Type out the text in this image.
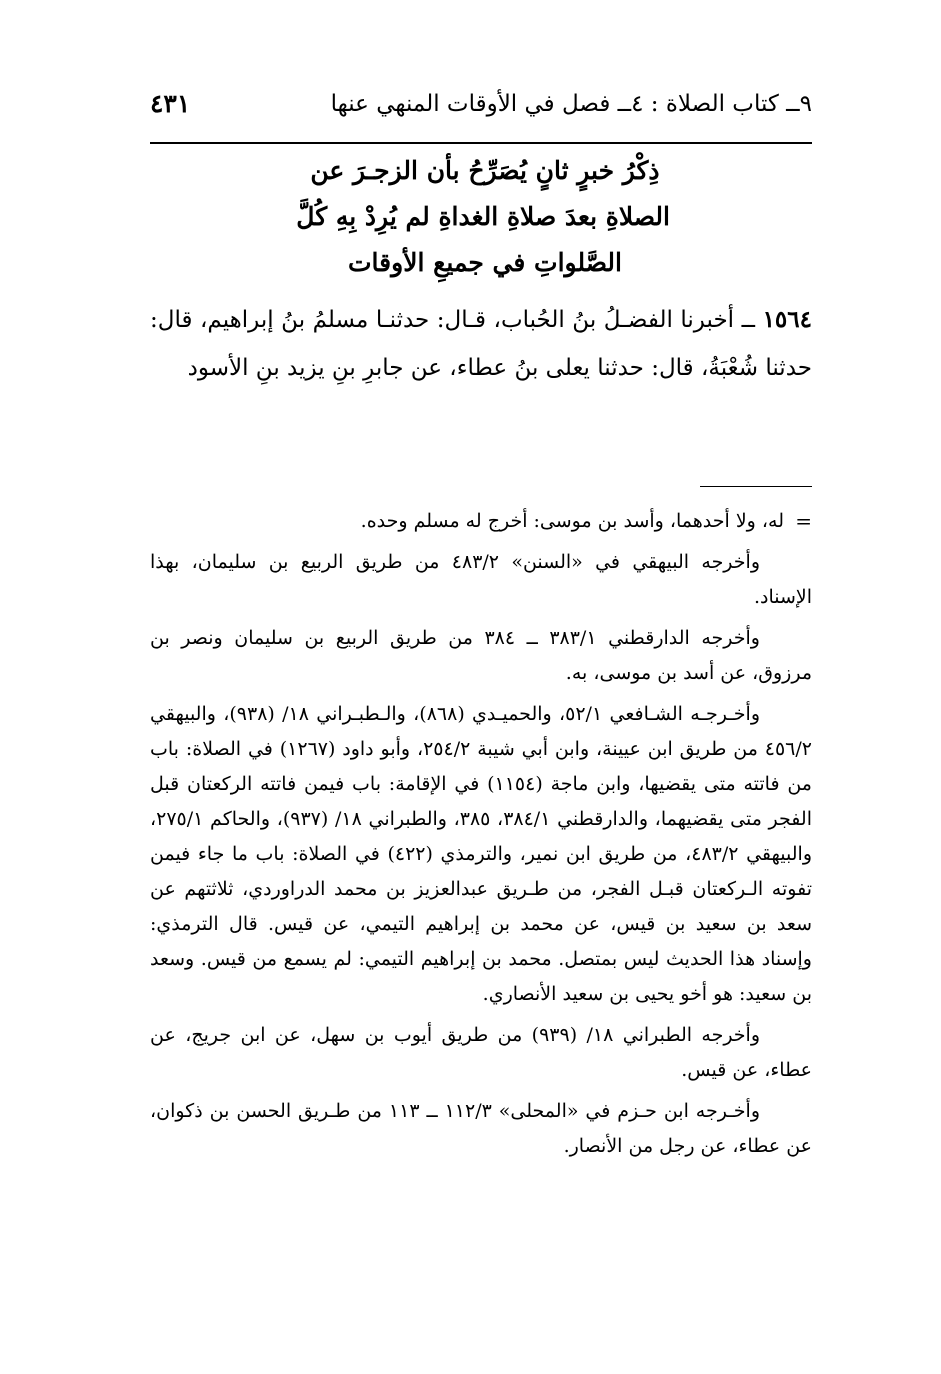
٩ــ كتاب الصلاة : ٤ــ فصل في الأوقات المنهي عنها
٤٣١
ذِكْرُ خبرٍ ثانٍ يُصَرِّحُ بأن الزجـرَ عن
الصلاةِ بعدَ صلاةِ الغداةِ لم يُرِدْ بِهِ كُلَّ
الصَّلواتِ في جميعِ الأوقات
١٥٦٤ ــ أخبرنا الفضـلُ بنُ الحُباب، قـال: حدثنـا مسلمُ بنُ إبراهيم، قال: حدثنا شُعْبَةُ، قال: حدثنا يعلى بنُ عطاء، عن جابرِ بنِ يزيد بنِ الأسود

=
له، ولا أحدهما، وأسد بن موسى: أخرج له مسلم وحده.

وأخرجه البيهقي في «السنن» ٤٨٣/٢ من طريق الربيع بن سليمان، بهذا الإسناد.

وأخرجه الدارقطني ٣٨٣/١ ــ ٣٨٤ من طريق الربيع بن سليمان ونصر بن مرزوق، عن أسد بن موسى، به.

وأخـرجـه الشـافعي ٥٢/١، والحميـدي (٨٦٨)، والـطبـراني ١٨/ (٩٣٨)، والبيهقي ٤٥٦/٢ من طريق ابن عيينة، وابن أبي شيبة ٢٥٤/٢، وأبو داود (١٢٦٧) في الصلاة: باب من فاتته متى يقضيها، وابن ماجة (١١٥٤) في الإقامة: باب فيمن فاتته الركعتان قبل الفجر متى يقضيهما، والدارقطني ٣٨٤/١، ٣٨٥، والطبراني ١٨/ (٩٣٧)، والحاكم ٢٧٥/١، والبيهقي ٤٨٣/٢، من طريق ابن نمير، والترمذي (٤٢٢) في الصلاة: باب ما جاء فيمن تفوته الـركعتان قبـل الفجر، من طـريق عبدالعزيز بن محمد الدراوردي، ثلاثتهم عن سعد بن سعيد بن قيس، عن محمد بن إبراهيم التيمي، عن قيس. قال الترمذي: وإسناد هذا الحديث ليس بمتصل. محمد بن إبراهيم التيمي: لم يسمع من قيس. وسعد بن سعيد: هو أخو يحيى بن سعيد الأنصاري.

وأخرجه الطبراني ١٨/ (٩٣٩) من طريق أيوب بن سهل، عن ابن جريج، عن عطاء، عن قيس.

وأخـرجه ابن حـزم في «المحلى» ١١٢/٣ ــ ١١٣ من طـريق الحسن بن ذكوان، عن عطاء، عن رجل من الأنصار.
